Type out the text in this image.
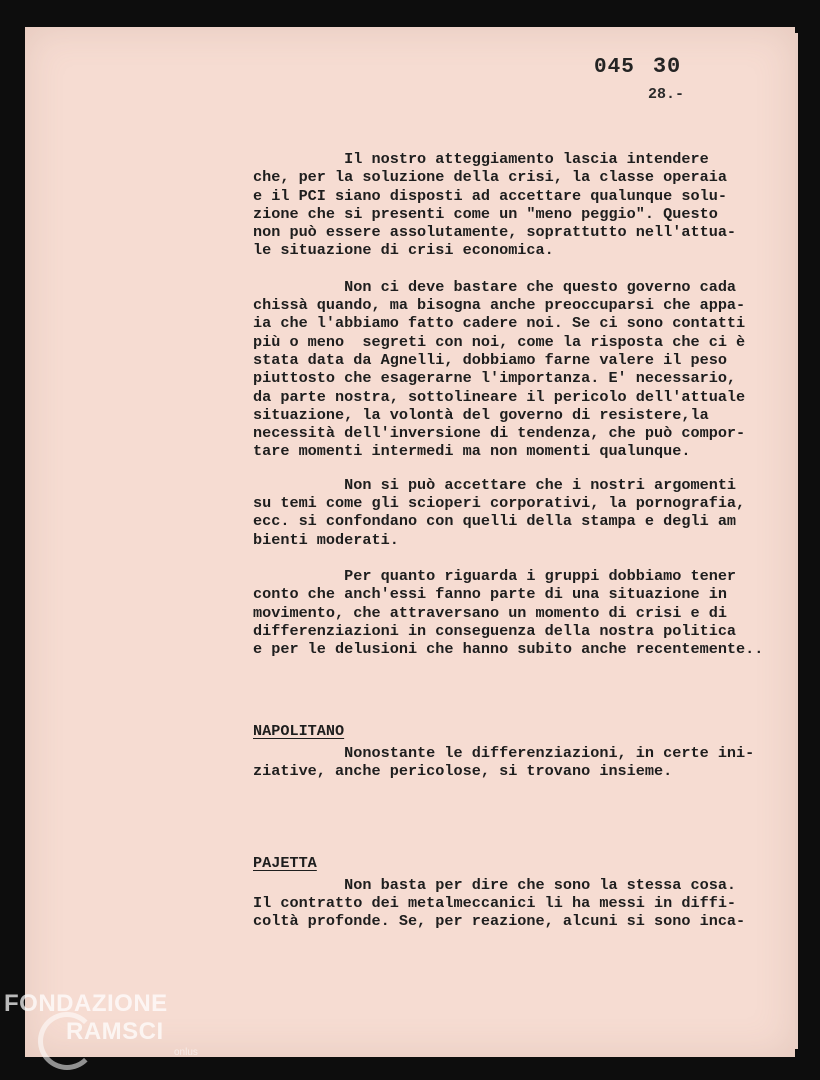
045 30
28.-
Il nostro atteggiamento lascia intendere
che, per la soluzione della crisi, la classe operaia
e il PCI siano disposti ad accettare qualunque solu-
zione che si presenti come un "meno peggio". Questo
non può essere assolutamente, soprattutto nell'attua-
le situazione di crisi economica.
Non ci deve bastare che questo governo cada
chissà quando, ma bisogna anche preoccuparsi che appa-
ia che l'abbiamo fatto cadere noi. Se ci sono contatti
più o meno  segreti con noi, come la risposta che ci è
stata data da Agnelli, dobbiamo farne valere il peso
piuttosto che esagerarne l'importanza. E' necessario,
da parte nostra, sottolineare il pericolo dell'attuale
situazione, la volontà del governo di resistere,la
necessità dell'inversione di tendenza, che può compor-
tare momenti intermedi ma non momenti qualunque.
Non si può accettare che i nostri argomenti
su temi come gli scioperi corporativi, la pornografia,
ecc. si confondano con quelli della stampa e degli am
bienti moderati.
Per quanto riguarda i gruppi dobbiamo tener
conto che anch'essi fanno parte di una situazione in
movimento, che attraversano un momento di crisi e di
differenziazioni in conseguenza della nostra politica
e per le delusioni che hanno subito anche recentemente..
NAPOLITANO
Nonostante le differenziazioni, in certe ini-
ziative, anche pericolose, si trovano insieme.
PAJETTA
Non basta per dire che sono la stessa cosa.
Il contratto dei metalmeccanici li ha messi in diffi-
coltà profonde. Se, per reazione, alcuni si sono inca-
FONDAZIONE
RAMSCI
onlus
